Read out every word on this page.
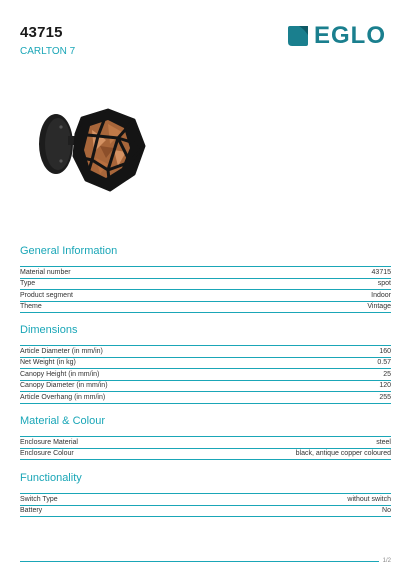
43715
CARLTON 7
EGLO
General Information
Material number	43715
Type	spot
Product segment	Indoor
Theme	Vintage
Dimensions
Article Diameter (in mm/in)	160
Net Weight (in kg)	0.57
Canopy Height (in mm/in)	25
Canopy Diameter (in mm/in)	120
Article Overhang (in mm/in)	255
Material & Colour
Enclosure Material	steel
Enclosure Colour	black, antique copper coloured
Functionality
Switch Type	without switch
Battery	No
1/2
